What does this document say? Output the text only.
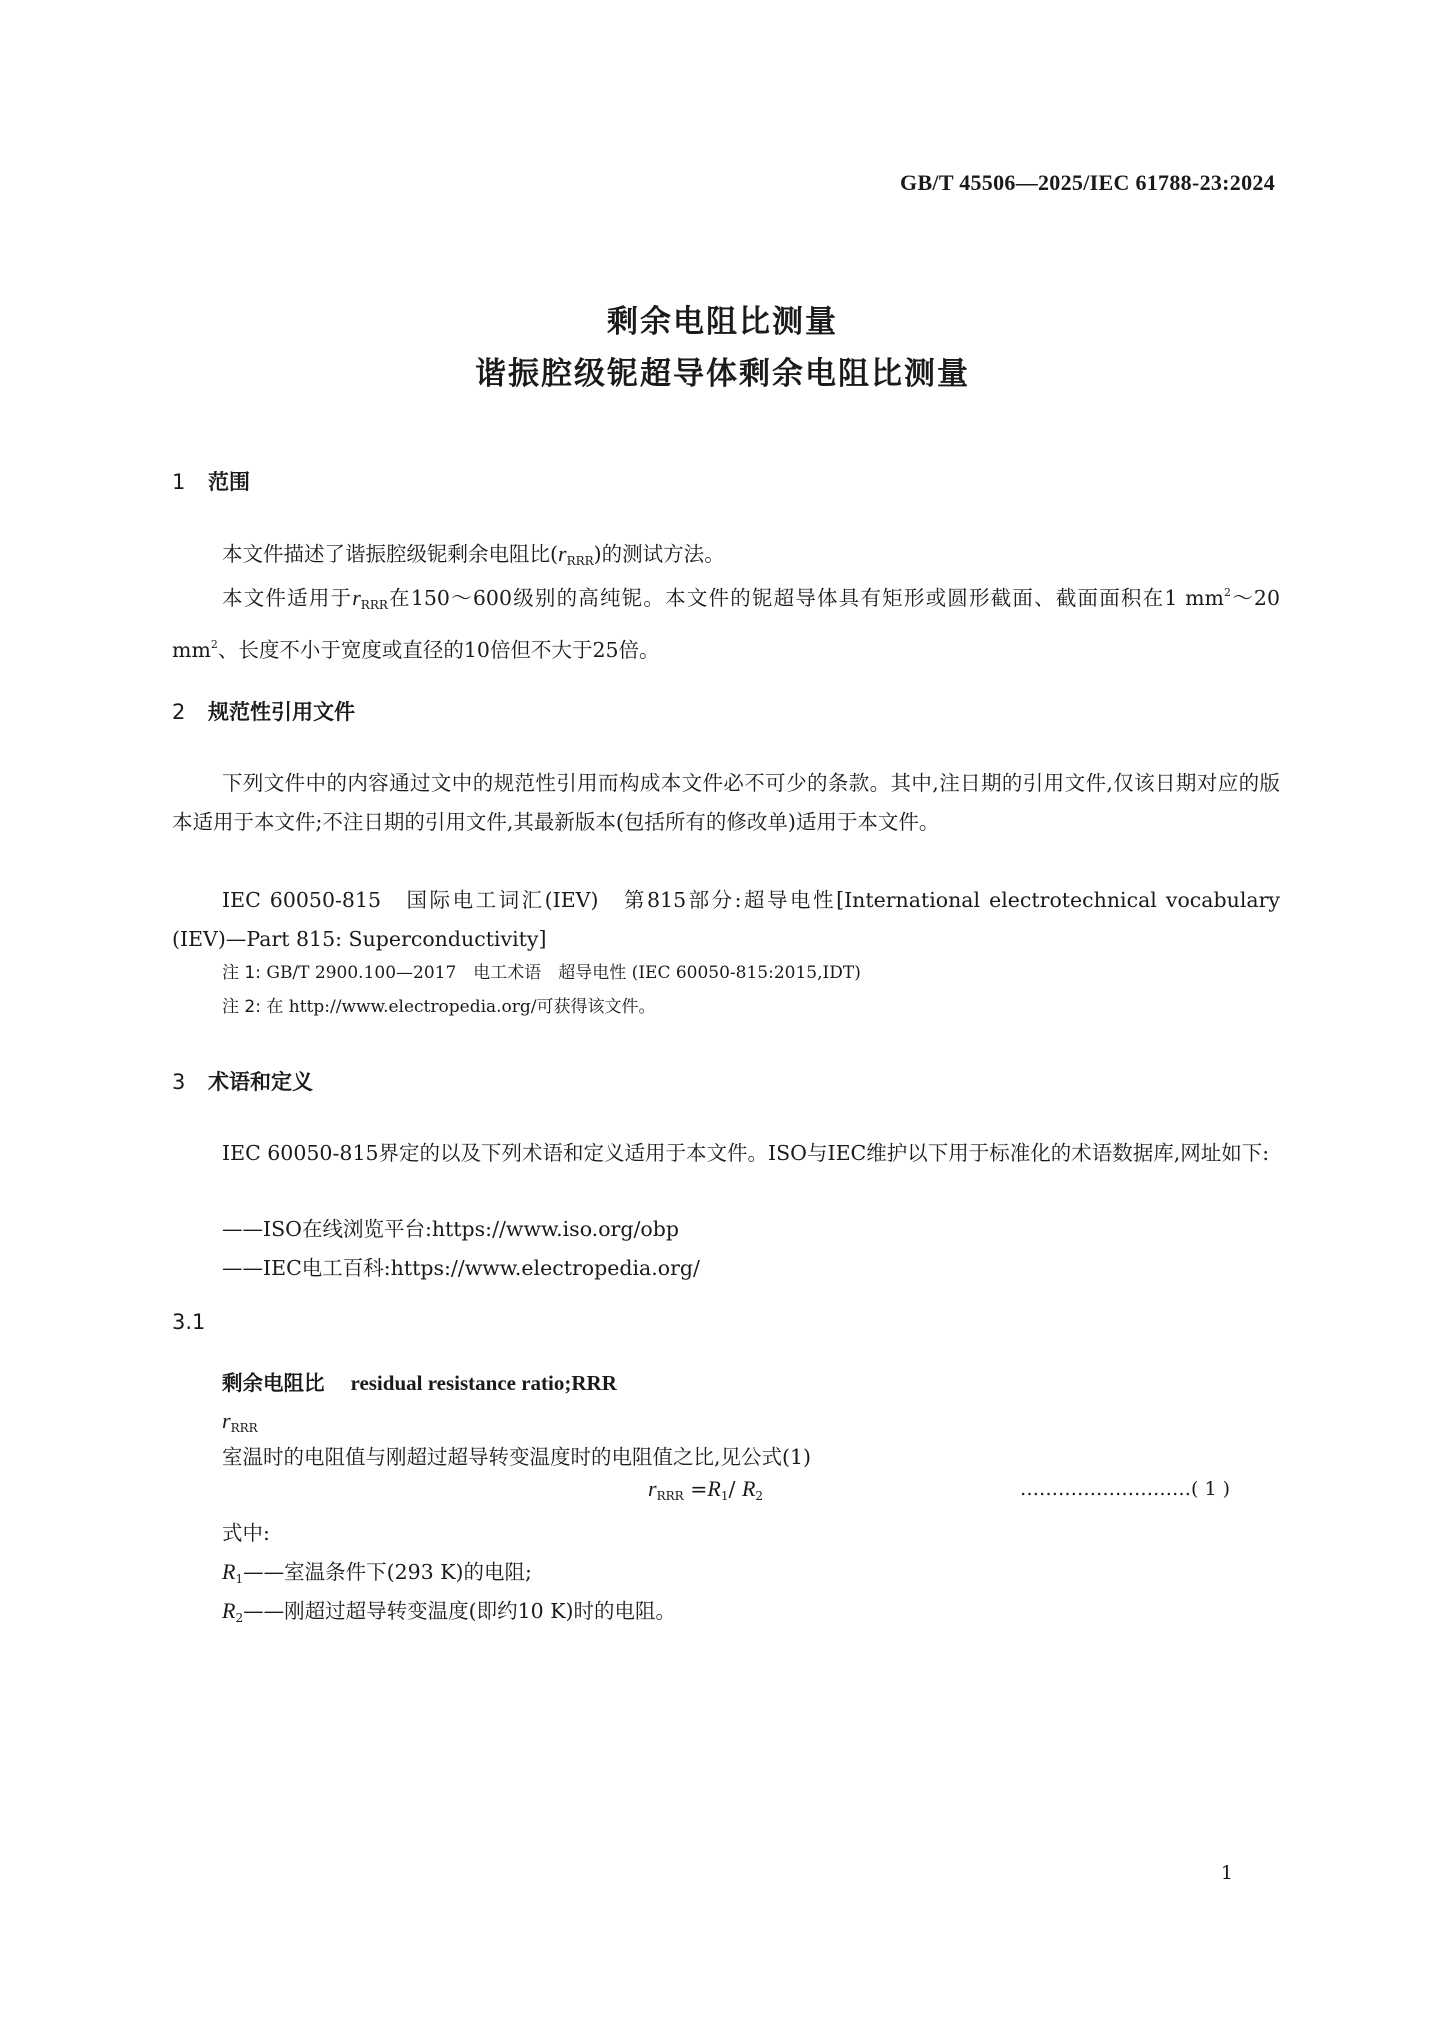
GB/T 45506—2025/IEC 61788-23:2024
剩余电阻比测量
谐振腔级铌超导体剩余电阻比测量
1 范围
本文件描述了谐振腔级铌剩余电阻比$(r_{RRR})$的测试方法。
本文件适用于$r_{RRR}$在150～600级别的高纯铌。本文件的铌超导体具有矩形或圆形截面、截面面积在1 $mm^2\sim 20$ $mm^2$、长度不小于宽度或直径的10倍但不大于25倍。
2 规范性引用文件
下列文件中的内容通过文中的规范性引用而构成本文件必不可少的条款。其中,注日期的引用文件,仅该日期对应的版本适用于本文件;不注日期的引用文件,其最新版本(包括所有的修改单)适用于本文件。
IEC 60050-815　国际电工词汇(IEV)　第815部分:超导电性[International electrotechnical vocabulary (IEV)—Part 815: Superconductivity]
注 1: GB/T 2900.100—2017　电工术语　超导电性 (IEC 60050-815:2015,IDT)
注 2: 在 http://www.electropedia.org/可获得该文件。
3 术语和定义
IEC 60050-815界定的以及下列术语和定义适用于本文件。ISO与IEC维护以下用于标准化的术语数据库,网址如下:
——ISO在线浏览平台:https://www.iso.org/obp
——IEC电工百科:https://www.electropedia.org/
3.1
剩余电阻比 residual resistance ratio;RRR
$r_{RRR}$
室温时的电阻值与刚超过超导转变温度时的电阻值之比,见公式(1)
$r_{RRR} =R_1/$ $R_2$	………………………( 1 )
式中:
$R_1——$室温条件下(293 K)的电阻;
$R_2——$刚超过超导转变温度(即约10 K)时的电阻。
1
